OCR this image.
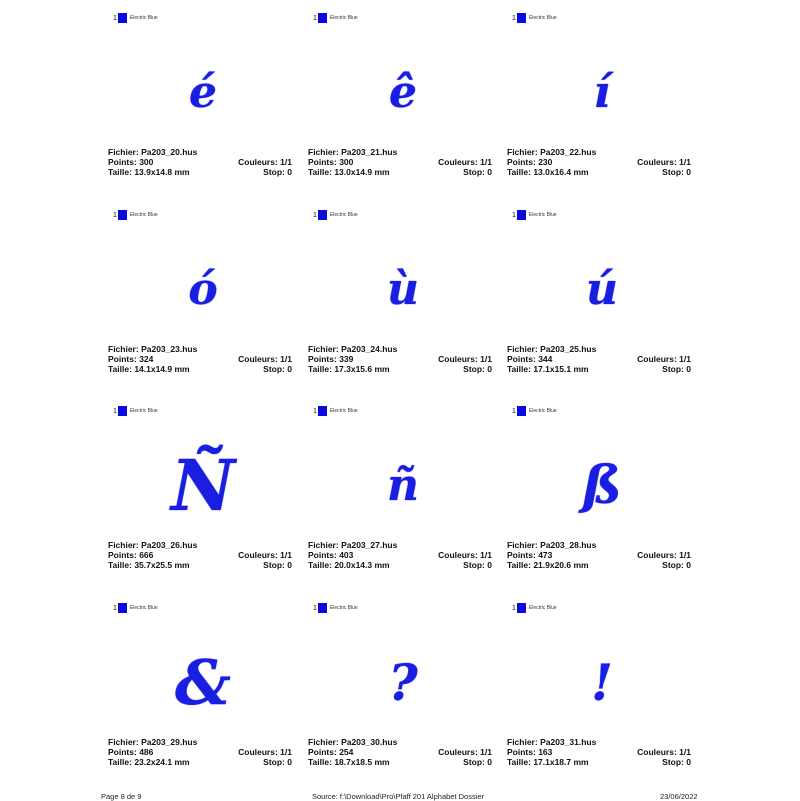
1	Electric Blue
é
Fichier: Pa203_20.hus
Points: 300	Couleurs: 1/1
Taille: 13.9x14.8 mm	Stop: 0
1	Electric Blue
ê
Fichier: Pa203_21.hus
Points: 300	Couleurs: 1/1
Taille: 13.0x14.9 mm	Stop: 0
1	Electric Blue
í
Fichier: Pa203_22.hus
Points: 230	Couleurs: 1/1
Taille: 13.0x16.4 mm	Stop: 0
1	Electric Blue
ó
Fichier: Pa203_23.hus
Points: 324	Couleurs: 1/1
Taille: 14.1x14.9 mm	Stop: 0
1	Electric Blue
ù
Fichier: Pa203_24.hus
Points: 339	Couleurs: 1/1
Taille: 17.3x15.6 mm	Stop: 0
1	Electric Blue
ú
Fichier: Pa203_25.hus
Points: 344	Couleurs: 1/1
Taille: 17.1x15.1 mm	Stop: 0
1	Electric Blue
Ñ
Fichier: Pa203_26.hus
Points: 666	Couleurs: 1/1
Taille: 35.7x25.5 mm	Stop: 0
1	Electric Blue
ñ
Fichier: Pa203_27.hus
Points: 403	Couleurs: 1/1
Taille: 20.0x14.3 mm	Stop: 0
1	Electric Blue
ß
Fichier: Pa203_28.hus
Points: 473	Couleurs: 1/1
Taille: 21.9x20.6 mm	Stop: 0
1	Electric Blue
&
Fichier: Pa203_29.hus
Points: 486	Couleurs: 1/1
Taille: 23.2x24.1 mm	Stop: 0
1	Electric Blue
?
Fichier: Pa203_30.hus
Points: 254	Couleurs: 1/1
Taille: 18.7x18.5 mm	Stop: 0
1	Electric Blue
!
Fichier: Pa203_31.hus
Points: 163	Couleurs: 1/1
Taille: 17.1x18.7 mm	Stop: 0
Page 8 de 9	Source: f:\Download\Pro\Pfaff 201 Alphabet Dossier	23/06/2022
